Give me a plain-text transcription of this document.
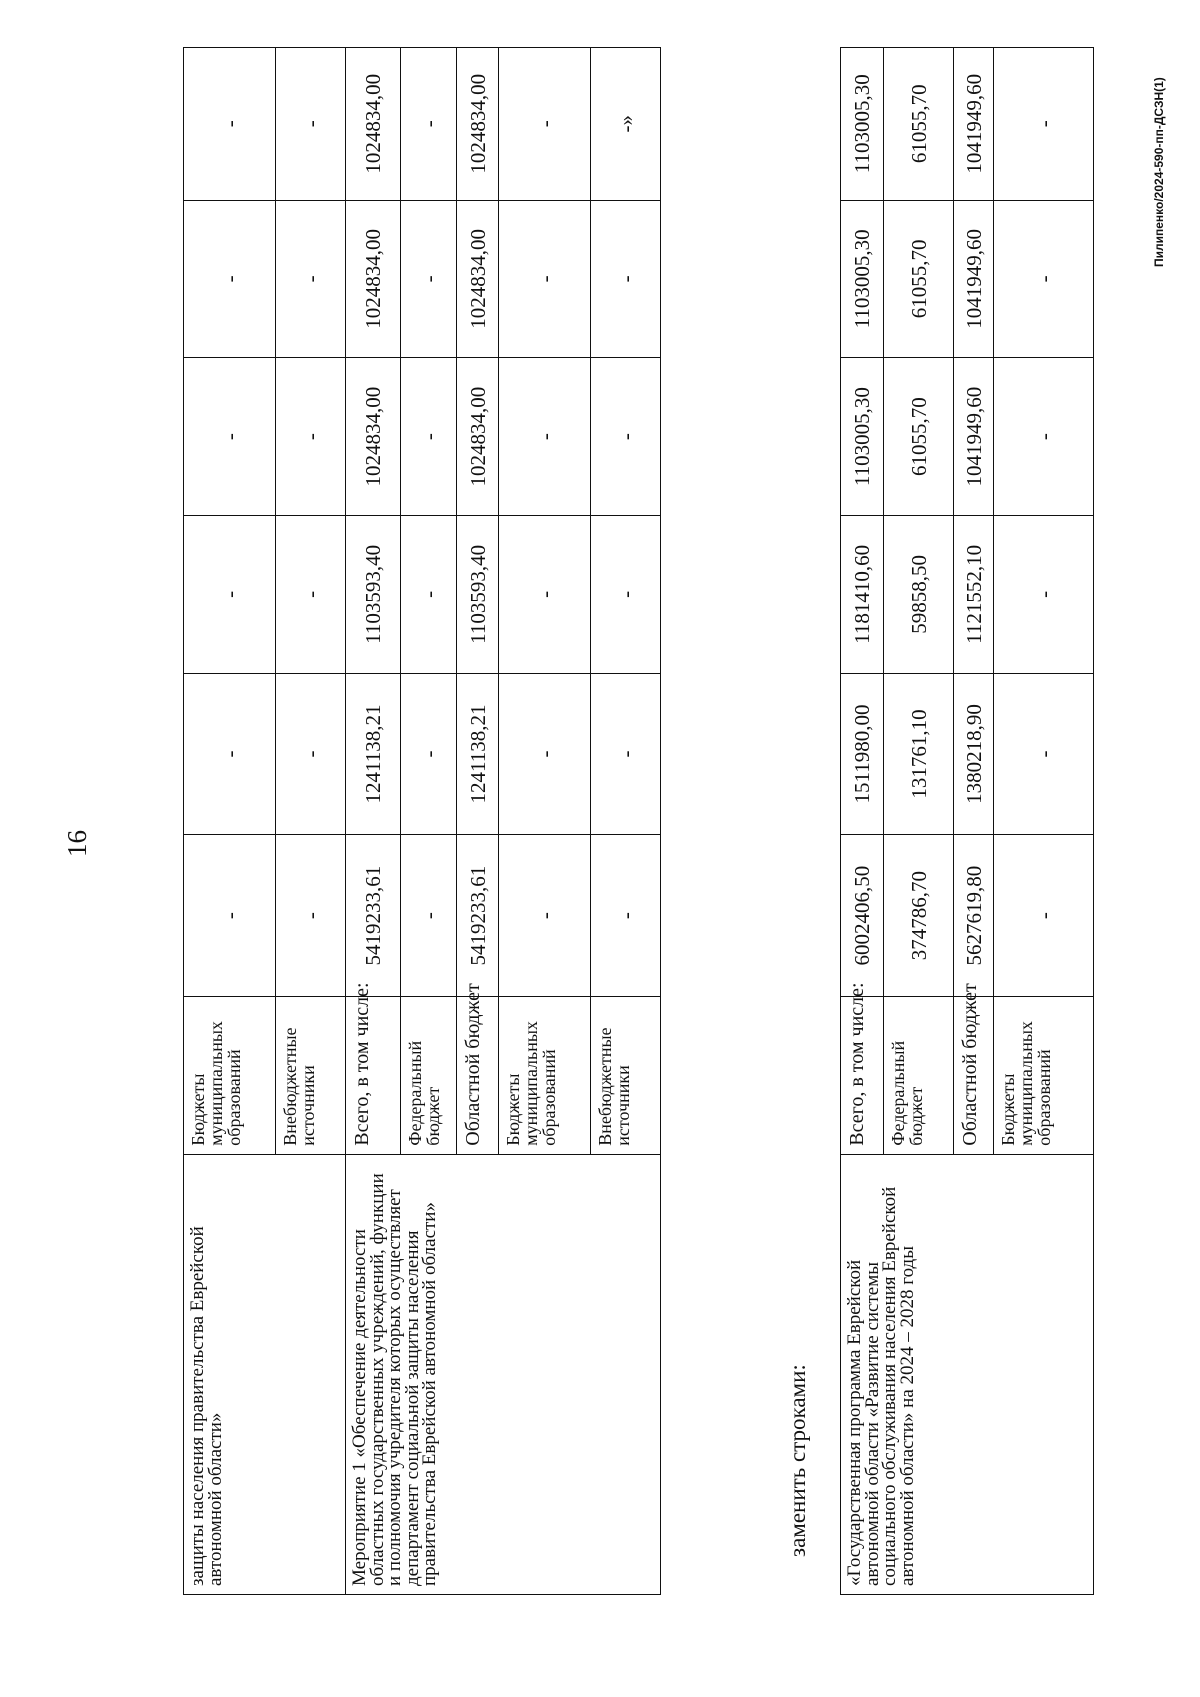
16
защиты населения правительства Еврейской автономной области»	Бюджеты муниципальных образований	-	-	-	-	-	-
	Внебюджетные источники	-	-	-	-	-	-
Мероприятие 1 «Обеспечение деятельности областных государственных учреждений, функции и полномочия учредителя которых осуществляет департамент социальной защиты населения правительства Еврейской автономной области»	Всего, в том числе:	5419233,61	1241138,21	1103593,40	1024834,00	1024834,00	1024834,00
	Федеральный бюджет	-	-	-	-	-	-
	Областной бюджет	5419233,61	1241138,21	1103593,40	1024834,00	1024834,00	1024834,00
	Бюджеты муниципальных образований	-	-	-	-	-	-
	Внебюджетные источники	-	-	-	-	-	-»
заменить строками: «Государственная программа Еврейской автономной области «Развитие системы социального обслуживания населения Еврейской автономной области» на 2024 – 2028 годы	Всего, в том числе:	6002406,50	1511980,00	1181410,60	1103005,30	1103005,30	1103005,30
	Федеральный бюджет	374786,70	131761,10	59858,50	61055,70	61055,70	61055,70
	Областной бюджет	5627619,80	1380218,90	1121552,10	1041949,60	1041949,60	1041949,60
	Бюджеты муниципальных образований	-	-	-	-	-	-	Пилипенко/2024-590-пп-ДСЗН(1)
